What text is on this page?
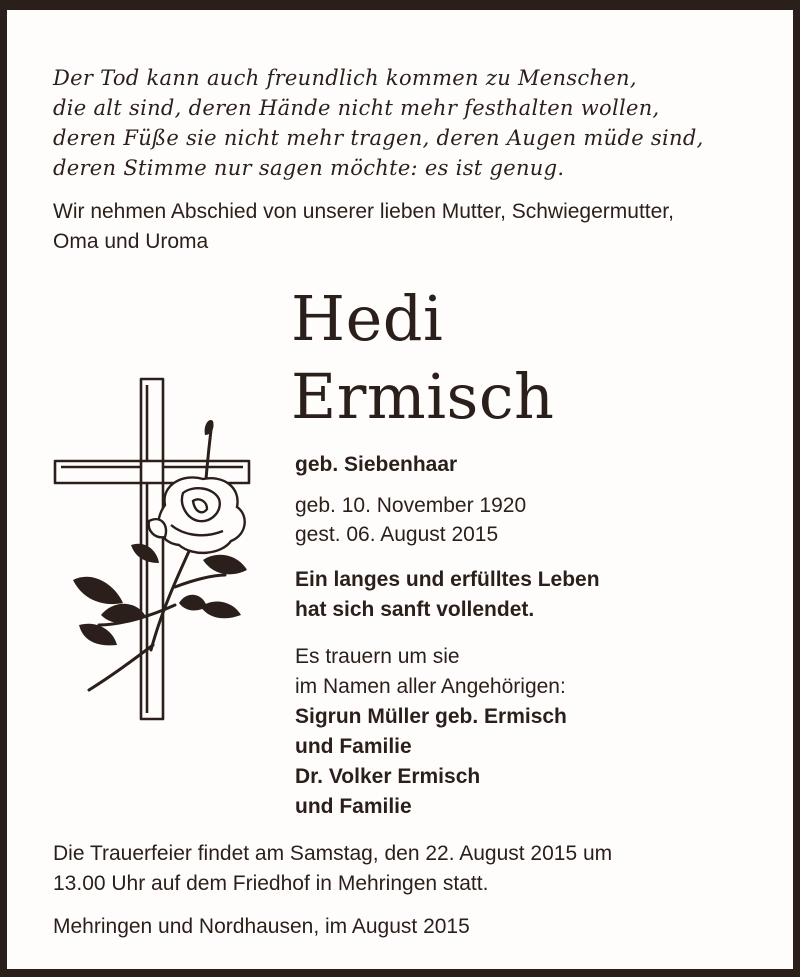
Der Tod kann auch freundlich kommen zu Menschen,
die alt sind, deren Hände nicht mehr festhalten wollen,
deren Füße sie nicht mehr tragen, deren Augen müde sind,
deren Stimme nur sagen möchte: es ist genug.
Wir nehmen Abschied von unserer lieben Mutter, Schwiegermutter,
Oma und Uroma
Hedi
Ermisch
geb. Siebenhaar
geb. 10. November 1920
gest. 06. August 2015
Ein langes und erfülltes Leben
hat sich sanft vollendet.
Es trauern um sie
im Namen aller Angehörigen:
Sigrun Müller geb. Ermisch
und Familie
Dr. Volker Ermisch
und Familie
Die Trauerfeier findet am Samstag, den 22. August 2015 um
13.00 Uhr auf dem Friedhof in Mehringen statt.
Mehringen und Nordhausen, im August 2015
